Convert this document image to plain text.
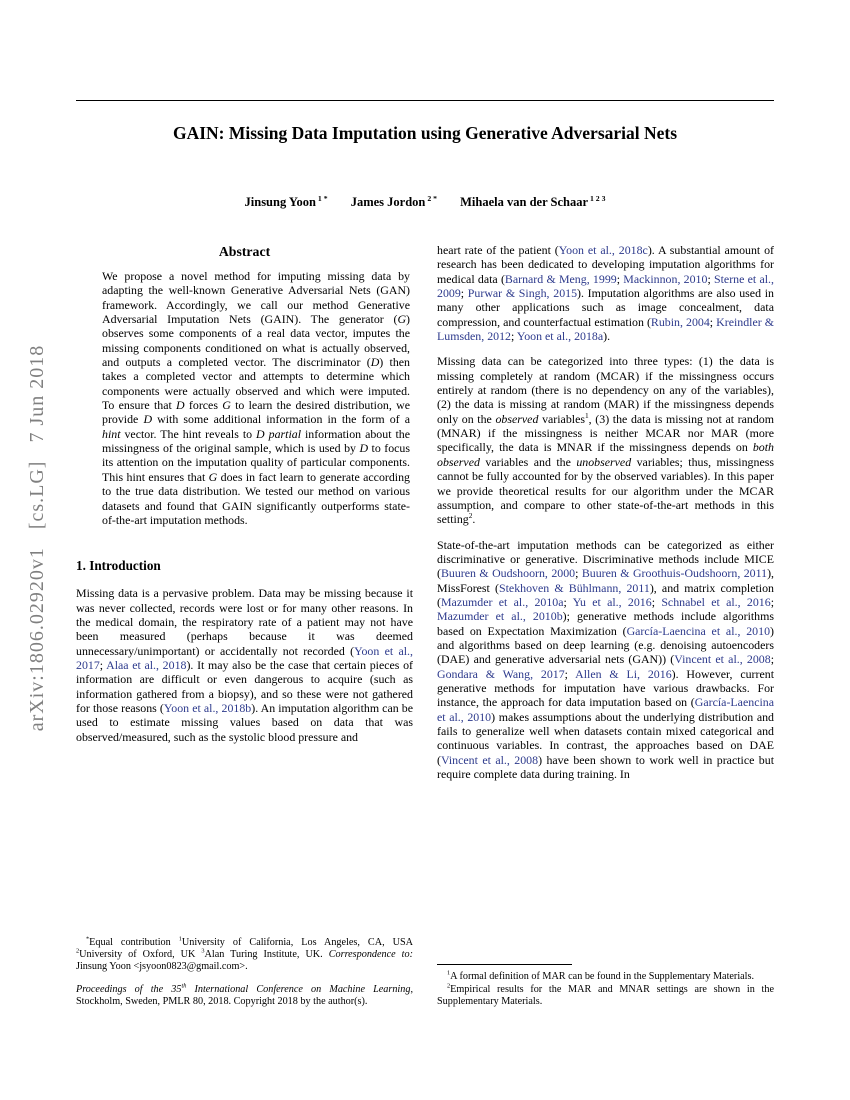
arXiv:1806.02920v1   [cs.LG]   7 Jun 2018
GAIN: Missing Data Imputation using Generative Adversarial Nets
Jinsung Yoon $^{1 *}$ James Jordon $^{2 *}$ Mihaela van der Schaar $^{1 2 3}$
Abstract
We propose a novel method for imputing missing data by adapting the well-known Generative Adversarial Nets (GAN) framework. Accordingly, we call our method Generative Adversarial Imputation Nets (GAIN). The generator (G) observes some components of a real data vector, imputes the missing components conditioned on what is actually observed, and outputs a completed vector. The discriminator (D) then takes a completed vector and attempts to determine which components were actually observed and which were imputed. To ensure that D forces G to learn the desired distribution, we provide D with some additional information in the form of a hint vector. The hint reveals to D partial information about the missingness of the original sample, which is used by D to focus its attention on the imputation quality of particular components. This hint ensures that G does in fact learn to generate according to the true data distribution. We tested our method on various datasets and found that GAIN significantly outperforms state-of-the-art imputation methods.
1. Introduction
Missing data is a pervasive problem. Data may be missing because it was never collected, records were lost or for many other reasons. In the medical domain, the respiratory rate of a patient may not have been measured (perhaps because it was deemed unnecessary/unimportant) or accidentally not recorded (Yoon et al., 2017; Alaa et al., 2018). It may also be the case that certain pieces of information are difficult or even dangerous to acquire (such as information gathered from a biopsy), and so these were not gathered for those reasons (Yoon et al., 2018b). An imputation algorithm can be used to estimate missing values based on data that was observed/measured, such as the systolic blood pressure and
*Equal contribution $^1$University of California, Los Angeles, CA, USA $^2$University of Oxford, UK $^3$Alan Turing Institute, UK. Correspondence to: Jinsung Yoon <jsyoon0823@gmail.com>.
Proceedings of the 35th International Conference on Machine Learning, Stockholm, Sweden, PMLR 80, 2018. Copyright 2018 by the author(s).
heart rate of the patient (Yoon et al., 2018c). A substantial amount of research has been dedicated to developing imputation algorithms for medical data (Barnard & Meng, 1999; Mackinnon, 2010; Sterne et al., 2009; Purwar & Singh, 2015). Imputation algorithms are also used in many other applications such as image concealment, data compression, and counterfactual estimation (Rubin, 2004; Kreindler & Lumsden, 2012; Yoon et al., 2018a).
Missing data can be categorized into three types: (1) the data is missing completely at random (MCAR) if the missingness occurs entirely at random (there is no dependency on any of the variables), (2) the data is missing at random (MAR) if the missingness depends only on the observed variables$^1$, (3) the data is missing not at random (MNAR) if the missingness is neither MCAR nor MAR (more specifically, the data is MNAR if the missingness depends on both observed variables and the unobserved variables; thus, missingness cannot be fully accounted for by the observed variables). In this paper we provide theoretical results for our algorithm under the MCAR assumption, and compare to other state-of-the-art methods in this setting$^2$.
State-of-the-art imputation methods can be categorized as either discriminative or generative. Discriminative methods include MICE (Buuren & Oudshoorn, 2000; Buuren & Groothuis-Oudshoorn, 2011), MissForest (Stekhoven & Bühlmann, 2011), and matrix completion (Mazumder et al., 2010a; Yu et al., 2016; Schnabel et al., 2016; Mazumder et al., 2010b); generative methods include algorithms based on Expectation Maximization (García-Laencina et al., 2010) and algorithms based on deep learning (e.g. denoising autoencoders (DAE) and generative adversarial nets (GAN)) (Vincent et al., 2008; Gondara & Wang, 2017; Allen & Li, 2016). However, current generative methods for imputation have various drawbacks. For instance, the approach for data imputation based on (García-Laencina et al., 2010) makes assumptions about the underlying distribution and fails to generalize well when datasets contain mixed categorical and continuous variables. In contrast, the approaches based on DAE (Vincent et al., 2008) have been shown to work well in practice but require complete data during training. In
$^1$A formal definition of MAR can be found in the Supplementary Materials.
$^2$Empirical results for the MAR and MNAR settings are shown in the Supplementary Materials.
